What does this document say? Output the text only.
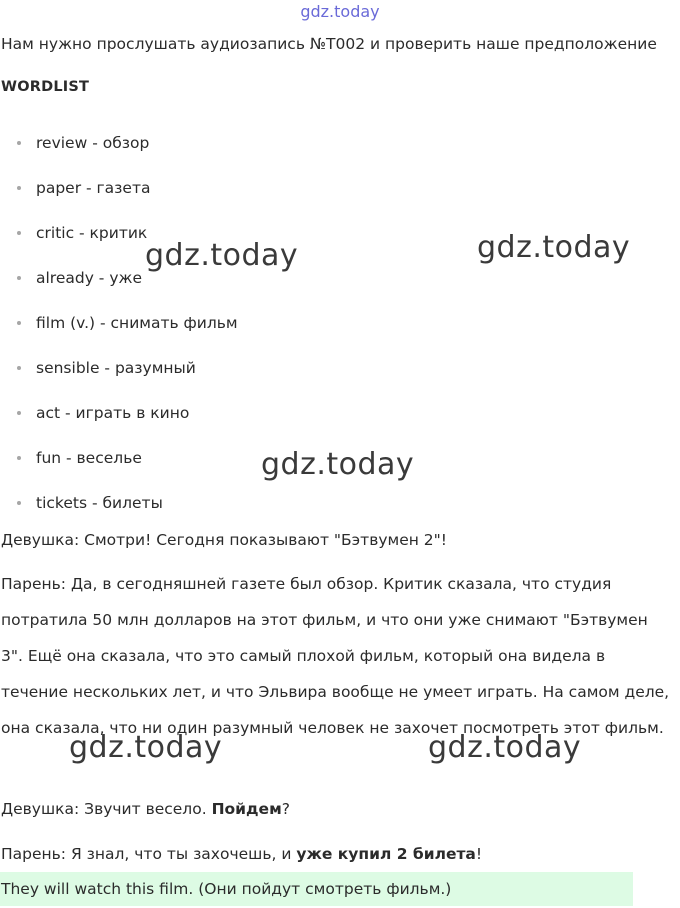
gdz.today
Нам нужно прослушать аудиозапись №T002 и проверить наше предположение
WORDLIST
review - обзор
paper - газета
critic - критик
already - уже
film (v.) - снимать фильм
sensible - разумный
act - играть в кино
fun - веселье
tickets - билеты
Девушка: Смотри! Сегодня показывают "Бэтвумен 2"!
Парень: Да, в сегодняшней газете был обзор. Критик сказала, что студия потратила 50 млн долларов на этот фильм, и что они уже снимают "Бэтвумен 3". Ещё она сказала, что это самый плохой фильм, который она видела в течение нескольких лет, и что Эльвира вообще не умеет играть. На самом деле, она сказала, что ни один разумный человек не захочет посмотреть этот фильм.
Девушка: Звучит весело. Пойдем?
Парень: Я знал, что ты захочешь, и уже купил 2 билета!
They will watch this film. (Они пойдут смотреть фильм.)
gdz.today	gdz.today
gdz.today
gdz.today	gdz.today
